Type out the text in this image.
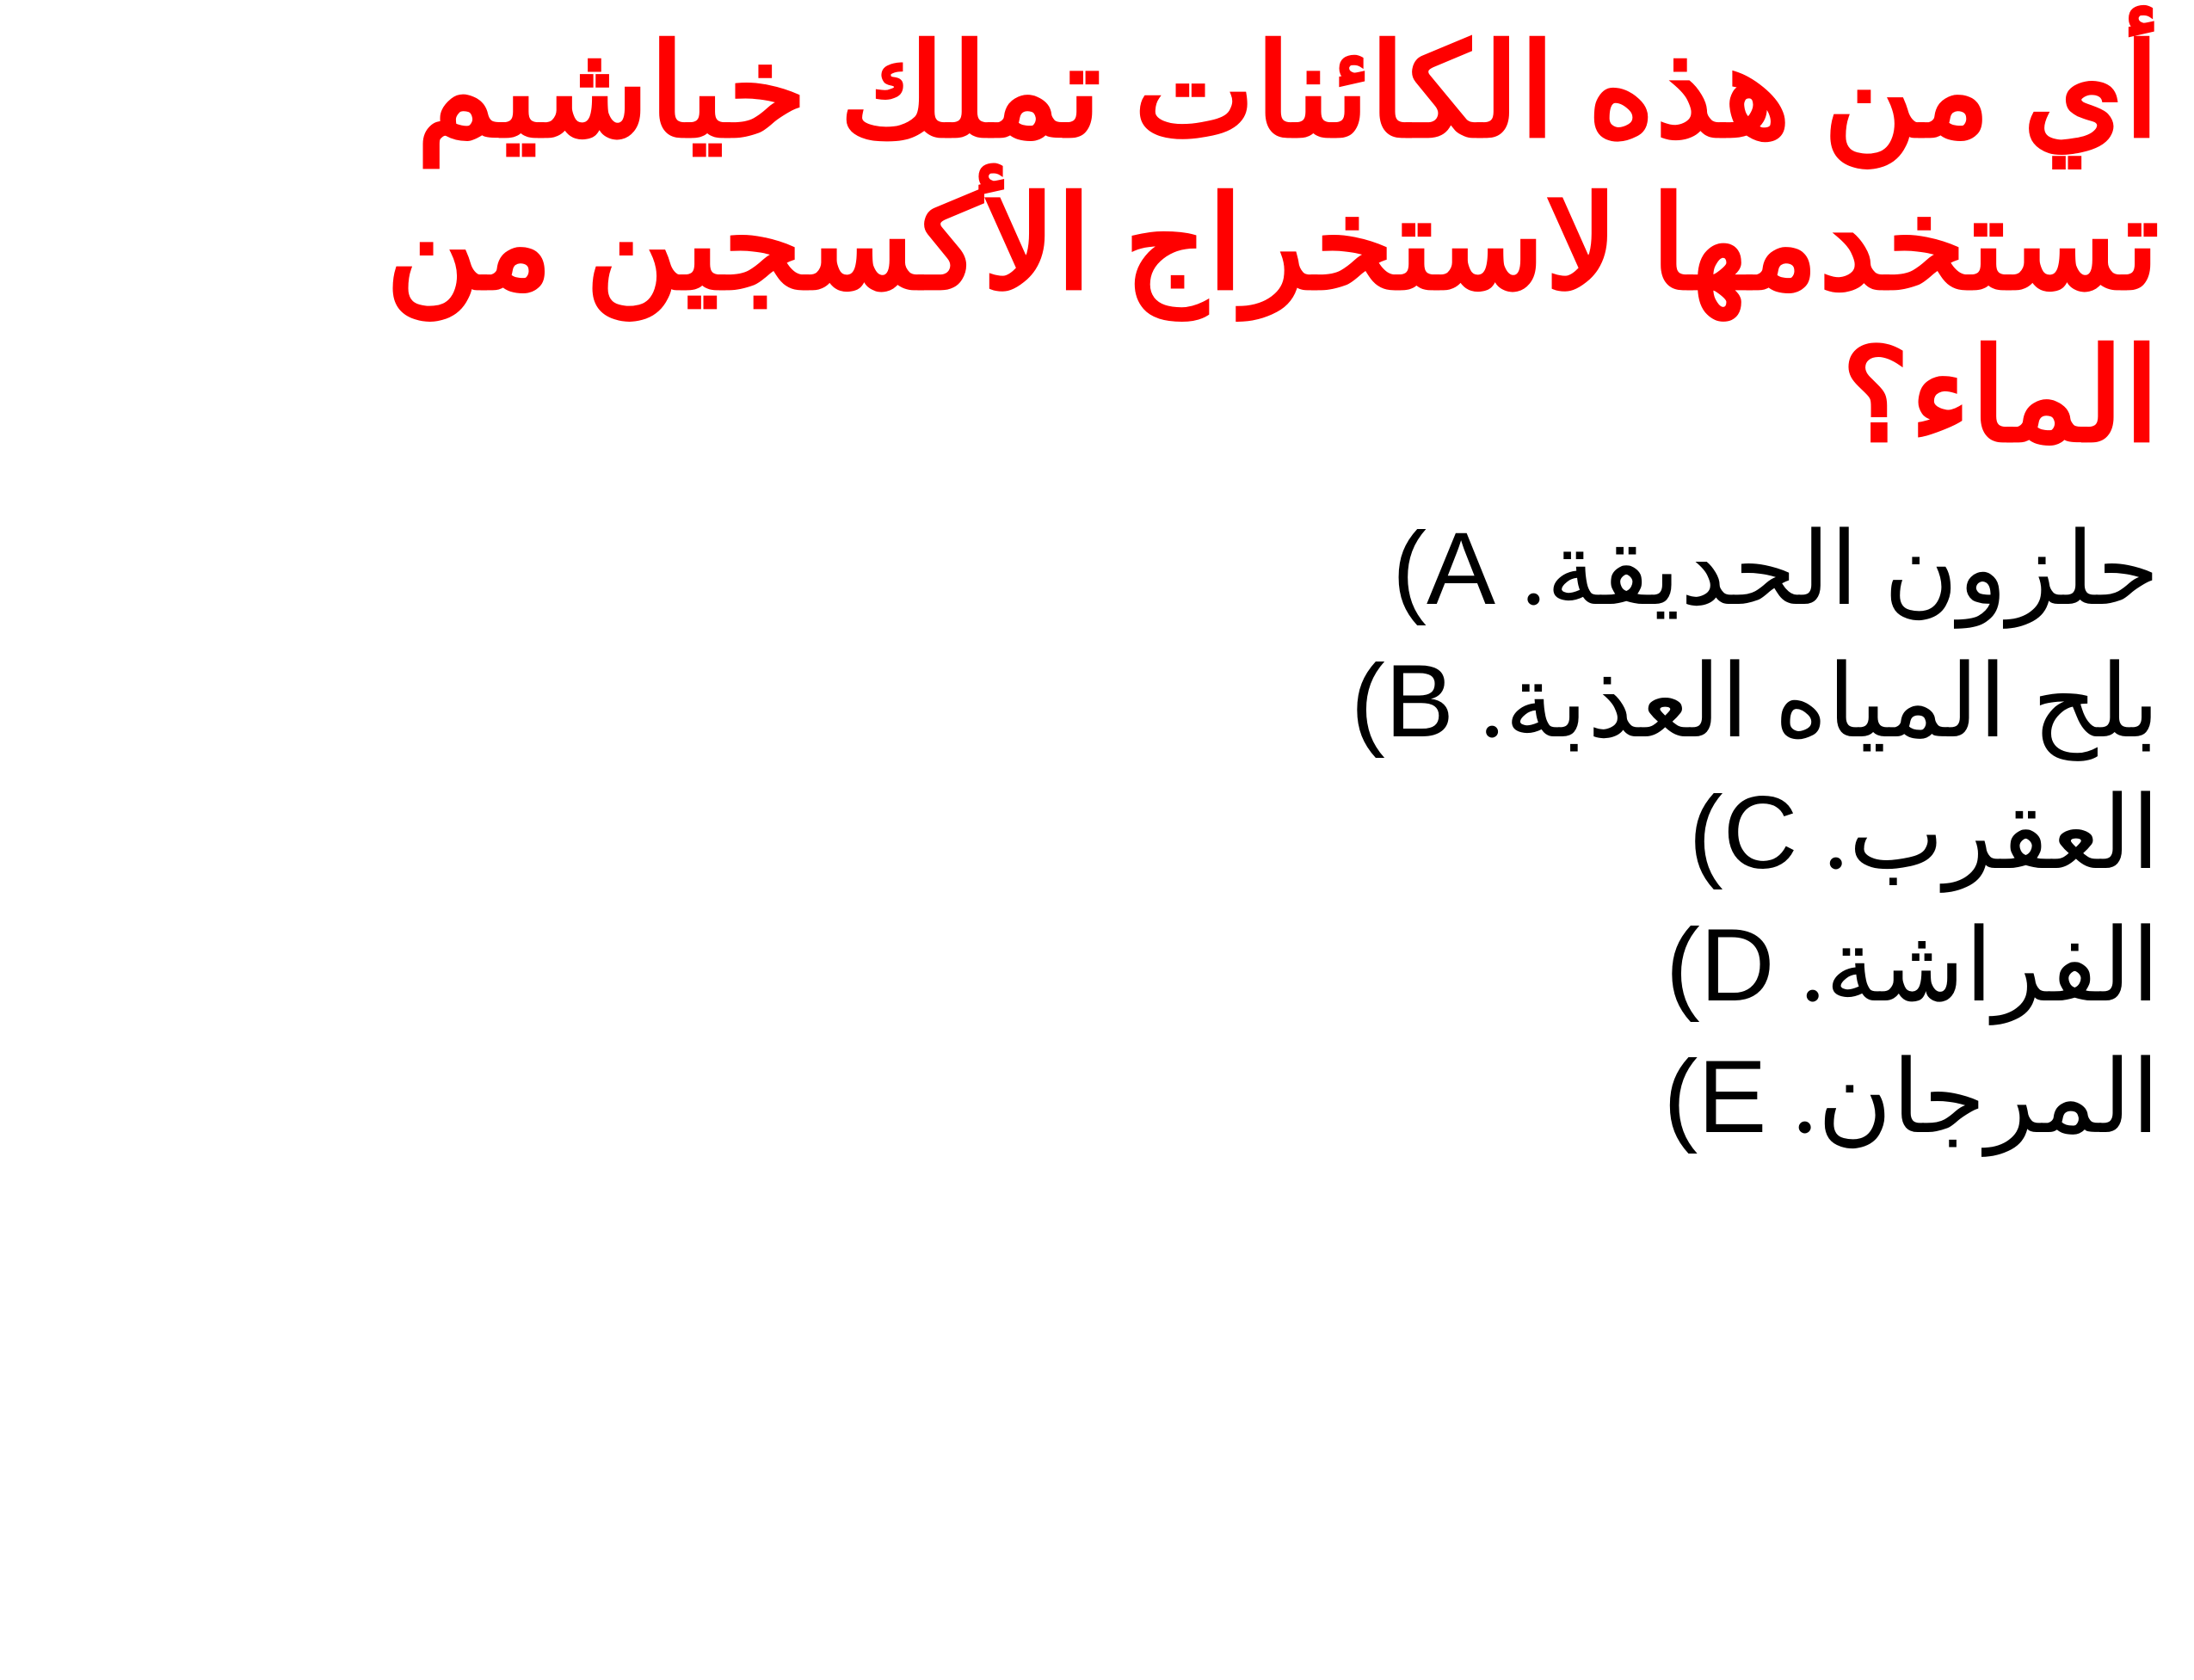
أي من هذه الكائنات تملك خياشيم تستخدمها لاستخراج الأكسجين من الماء؟
حلزون الحديقة. A)
بلح المياه العذبة. B)
العقرب. C)
الفراشة. D)
المرجان. E)
